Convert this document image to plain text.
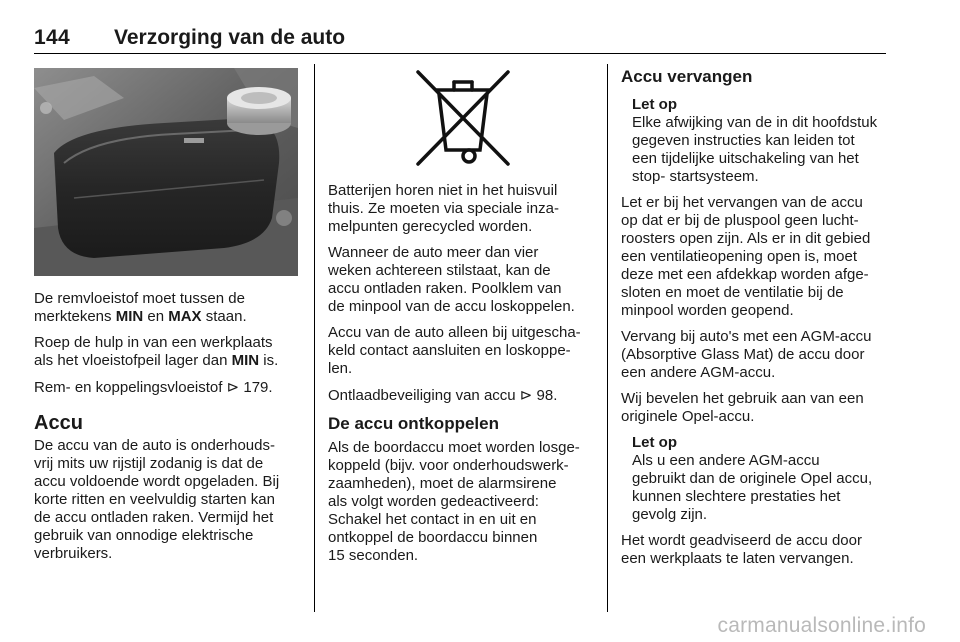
144 Verzorging van de auto

De remvloeistof moet tussen de
merktekens MIN en MAX staan.

Roep de hulp in van een werkplaats
als het vloeistofpeil lager dan MIN is.

Rem- en koppelingsvloeistof ⊳ 179.

Accu

De accu van de auto is onderhouds-
vrij mits uw rijstijl zodanig is dat de
accu voldoende wordt opgeladen. Bij
korte ritten en veelvuldig starten kan
de accu ontladen raken. Vermijd het
gebruik van onnodige elektrische
verbruikers.

Batterijen horen niet in het huisvuil
thuis. Ze moeten via speciale inza-
melpunten gerecycled worden.

Wanneer de auto meer dan vier
weken achtereen stilstaat, kan de
accu ontladen raken. Poolklem van
de minpool van de accu loskoppelen.

Accu van de auto alleen bij uitgescha-
keld contact aansluiten en loskoppe-
len.

Ontlaadbeveiliging van accu ⊳ 98.

De accu ontkoppelen

Als de boordaccu moet worden losge-
koppeld (bijv. voor onderhoudswerk-
zaamheden), moet de alarmsirene
als volgt worden gedeactiveerd:
Schakel het contact in en uit en
ontkoppel de boordaccu binnen
15 seconden.

Accu vervangen
Let op
Elke afwijking van de in dit hoofdstuk
gegeven instructies kan leiden tot
een tijdelijke uitschakeling van het
stop- startsysteem.

Let er bij het vervangen van de accu
op dat er bij de pluspool geen lucht-
roosters open zijn. Als er in dit gebied
een ventilatieopening open is, moet
deze met een afdekkap worden afge-
sloten en moet de ventilatie bij de
minpool worden geopend.

Vervang bij auto's met een AGM-accu
(Absorptive Glass Mat) de accu door
een andere AGM-accu.

Wij bevelen het gebruik aan van een
originele Opel-accu.

Let op
Als u een andere AGM-accu
gebruikt dan de originele Opel accu,
kunnen slechtere prestaties het
gevolg zijn.

Het wordt geadviseerd de accu door
een werkplaats te laten vervangen.

carmanualsonline.info
